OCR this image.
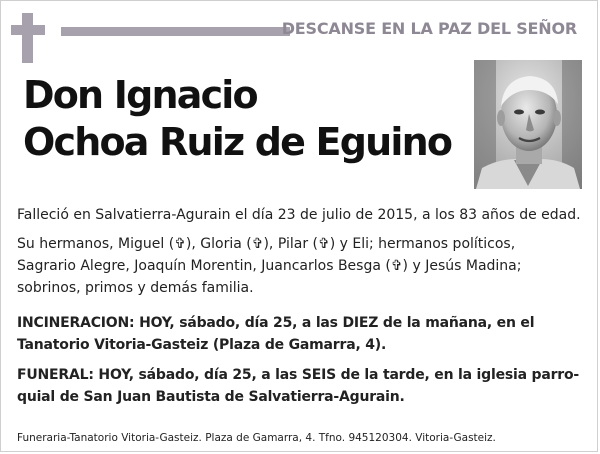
DESCANSE EN LA PAZ DEL SEÑOR
Don Ignacio
Ochoa Ruiz de Eguino
Falleció en Salvatierra-Agurain el día 23 de julio de 2015, a los 83 años de edad.
Su hermanos, Miguel (✞), Gloria (✞), Pilar (✞) y Eli; hermanos políticos,
Sagrario Alegre, Joaquín Morentin, Juancarlos Besga (✞) y Jesús Madina;
sobrinos, primos y demás familia.
INCINERACION: HOY, sábado, día 25, a las DIEZ de la mañana, en el
Tanatorio Vitoria-Gasteiz (Plaza de Gamarra, 4).
FUNERAL: HOY, sábado, día 25, a las SEIS de la tarde, en la iglesia parro-
quial de San Juan Bautista de Salvatierra-Agurain.
Funeraria-Tanatorio Vitoria-Gasteiz. Plaza de Gamarra, 4. Tfno. 945120304. Vitoria-Gasteiz.
